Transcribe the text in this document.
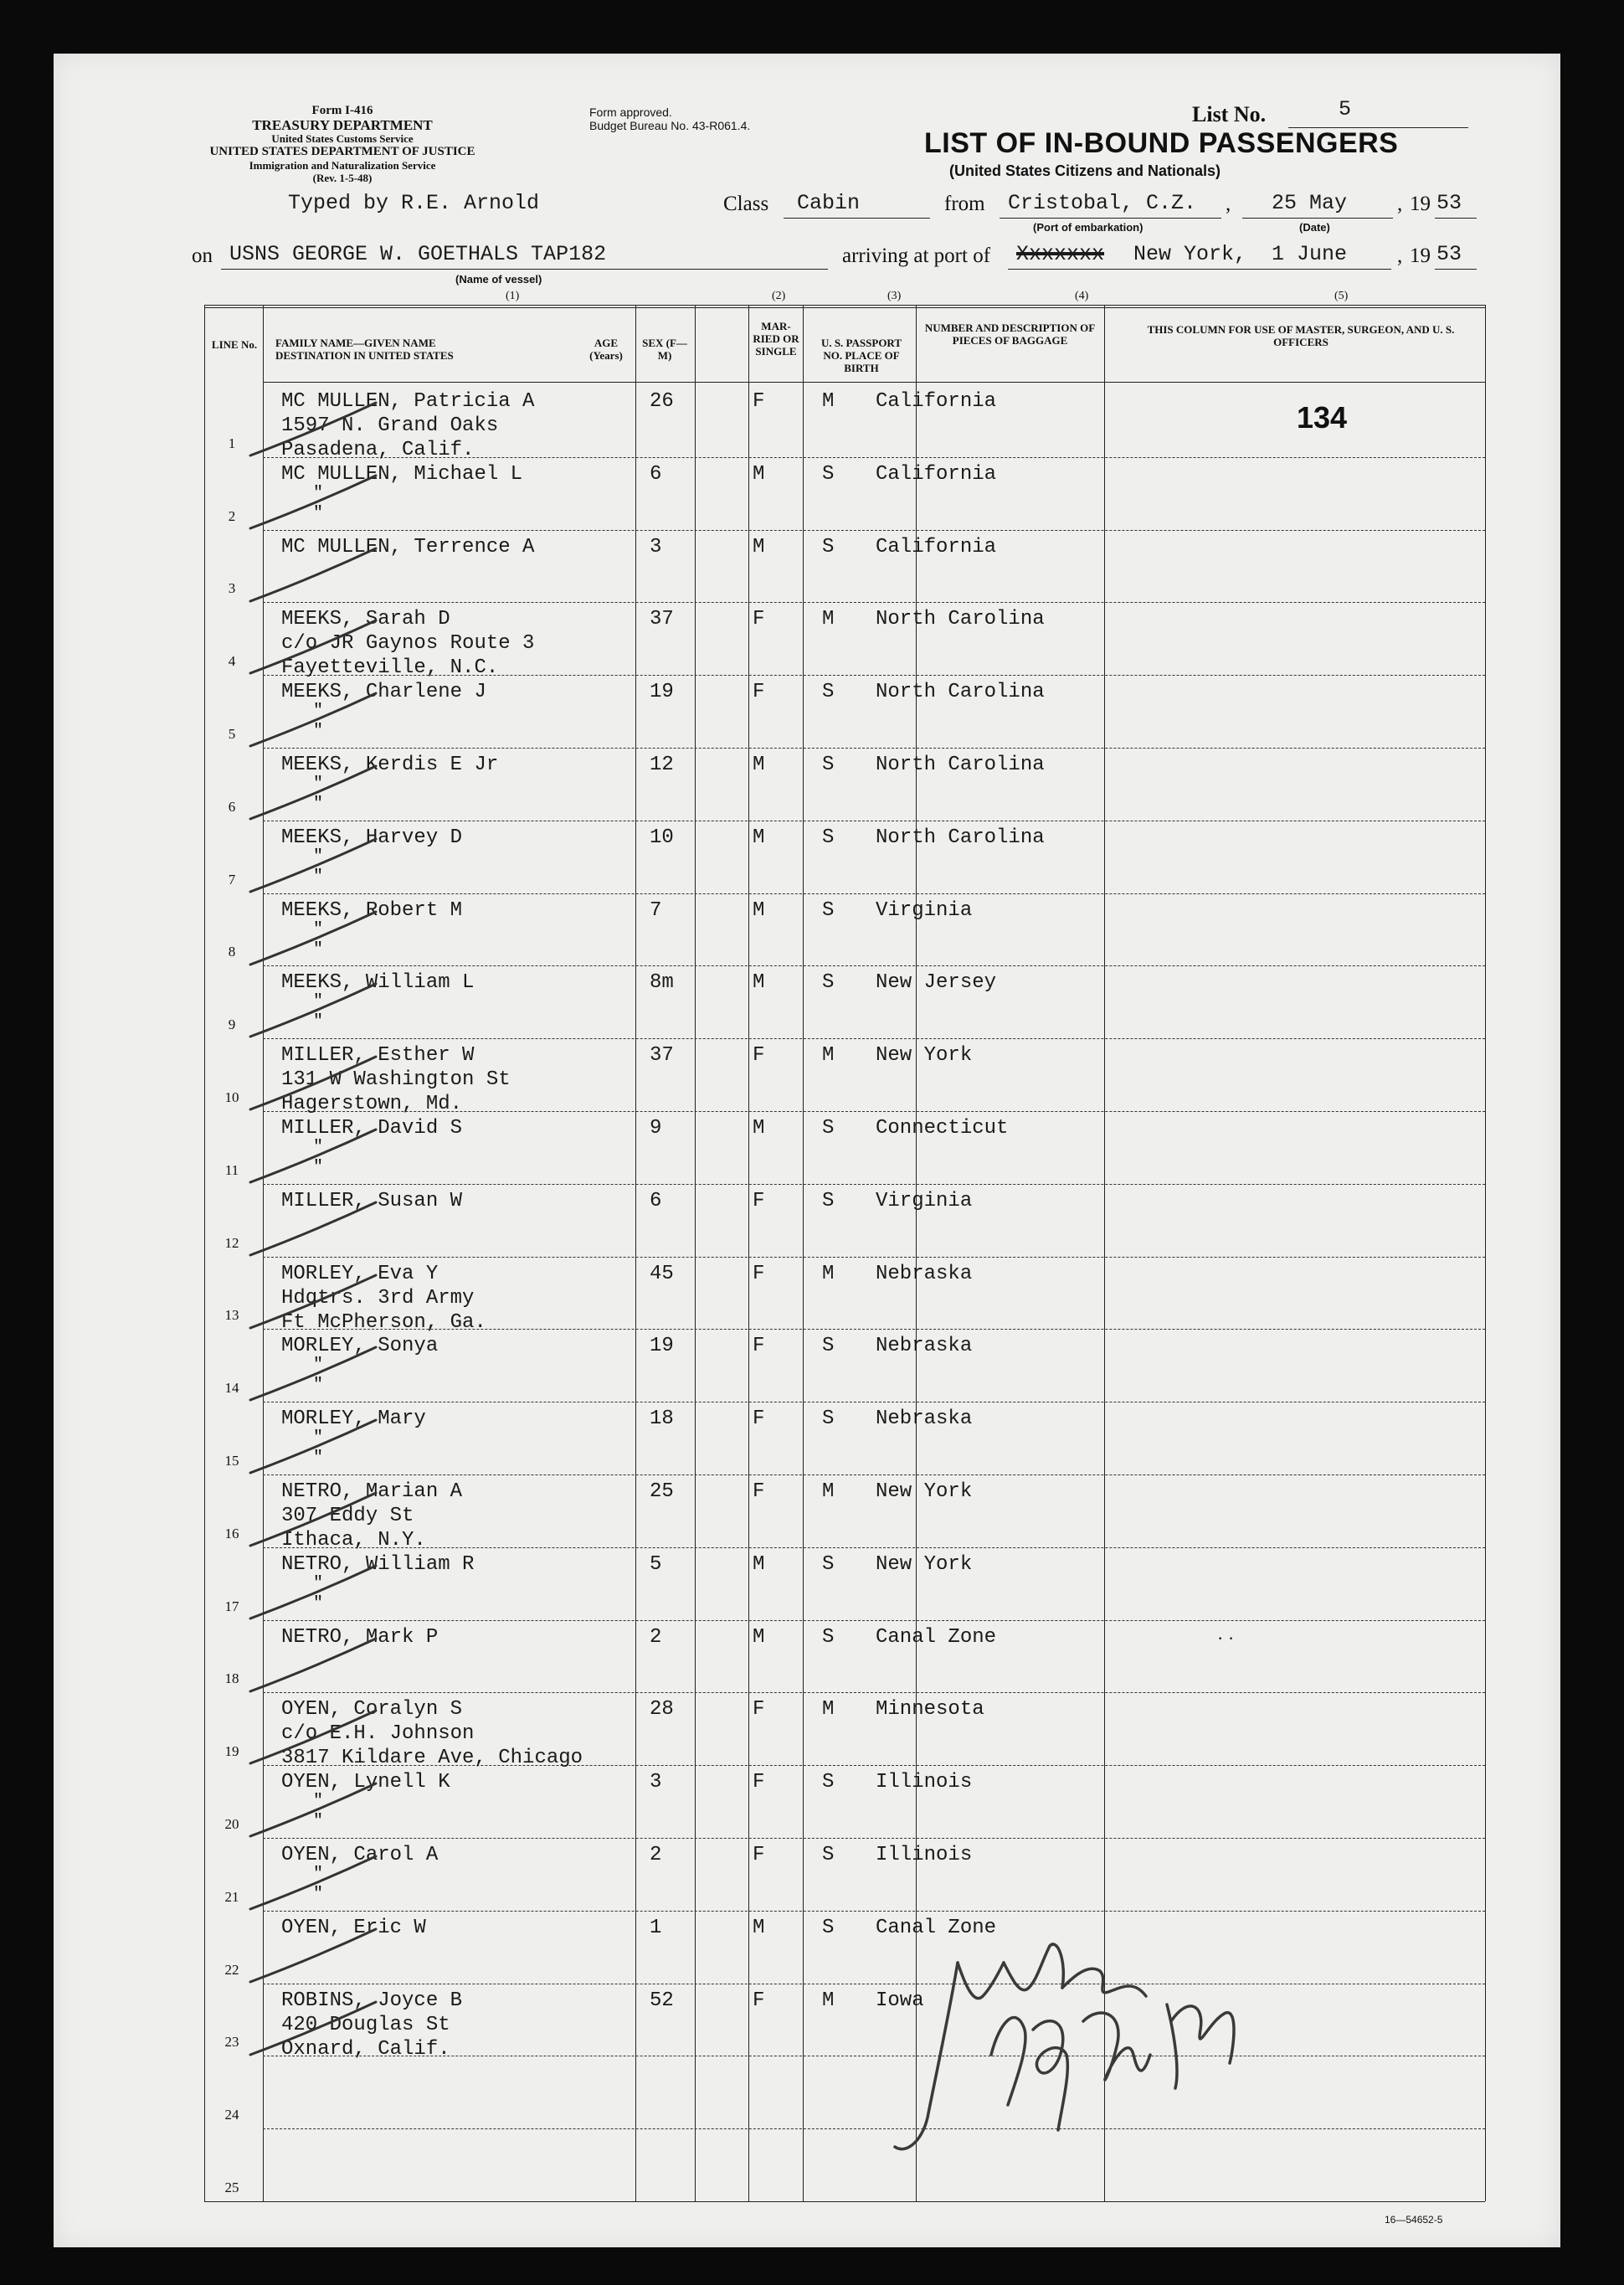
Form I-416
TREASURY DEPARTMENT
United States Customs Service
UNITED STATES DEPARTMENT OF JUSTICE
Immigration and Naturalization Service
(Rev. 1-5-48)
Typed by R.E. Arnold
Form approved.
Budget Bureau No. 43-R061.4.
LIST OF IN-BOUND PASSENGERS
(United States Citizens and Nationals)
List No.	5
Class Cabin	from Cristobal, C.Z.
(Port of embarkation)
, 25 May
(Date)
, 19 53
on USNS GEORGE W. GOETHALS TAP182
(Name of vessel)
arriving at port of Xxxxxxx New York, 1 June , 19 53
(1)	(2)	(3)	(4)	(5)
LINE No. FAMILY NAME—GIVEN NAME DESTINATION IN UNITED STATES
AGE (Years)
SEX (F—M)
MAR-RIED OR SINGLE
U. S. PASSPORT NO. PLACE OF BIRTH
NUMBER AND DESCRIPTION OF PIECES OF BAGGAGE
THIS COLUMN FOR USE OF MASTER, SURGEON, AND U. S. OFFICERS
1
MC MULLEN, Patricia A
1597 N. Grand Oaks
Pasadena, Calif.
26	F	M California
2
MC MULLEN, Michael L
"
"
6	M	S California
3
MC MULLEN, Terrence A	3	M	S California
4
MEEKS, Sarah D
c/o JR Gaynos Route 3
Fayetteville, N.C.
37	F	M North Carolina
5
MEEKS, Charlene J
"
"
19	F	S North Carolina
6
MEEKS, Kerdis E Jr
"
"
12	M	S North Carolina
7
MEEKS, Harvey D
"
"
10	M	S North Carolina
8
MEEKS, Robert M
"
"
7	M	S Virginia
9
MEEKS, William L
"
"
8m	M	S New Jersey
10
MILLER, Esther W
131 W Washington St
Hagerstown, Md.
37	F	M New York
11
MILLER, David S
"
"
9	M	S Connecticut
12
MILLER, Susan W	6	F	S Virginia
13
MORLEY, Eva Y
Hdqtrs. 3rd Army
Ft McPherson, Ga.
45	F	M Nebraska
14
MORLEY, Sonya
"
"
19	F	S Nebraska
15
MORLEY, Mary
"
"
18	F	S Nebraska
16
NETRO, Marian A
307 Eddy St
Ithaca, N.Y.
25	F	M New York
17
NETRO, William R
"
"
5	M	S New York
18
NETRO, Mark P	2	M	S Canal Zone
19
OYEN, Coralyn S
c/o E.H. Johnson
3817 Kildare Ave, Chicago
28	F	M Minnesota
20
OYEN, Lynell K
"
"
3	F	S Illinois
21
OYEN, Carol A
"
"
2	F	S Illinois
22
OYEN, Eric W	1	M	S Canal Zone
23
ROBINS, Joyce B
420 Douglas St
Oxnard, Calif.
52	F	M Iowa
24
25
134
· ·
16—54652-5
